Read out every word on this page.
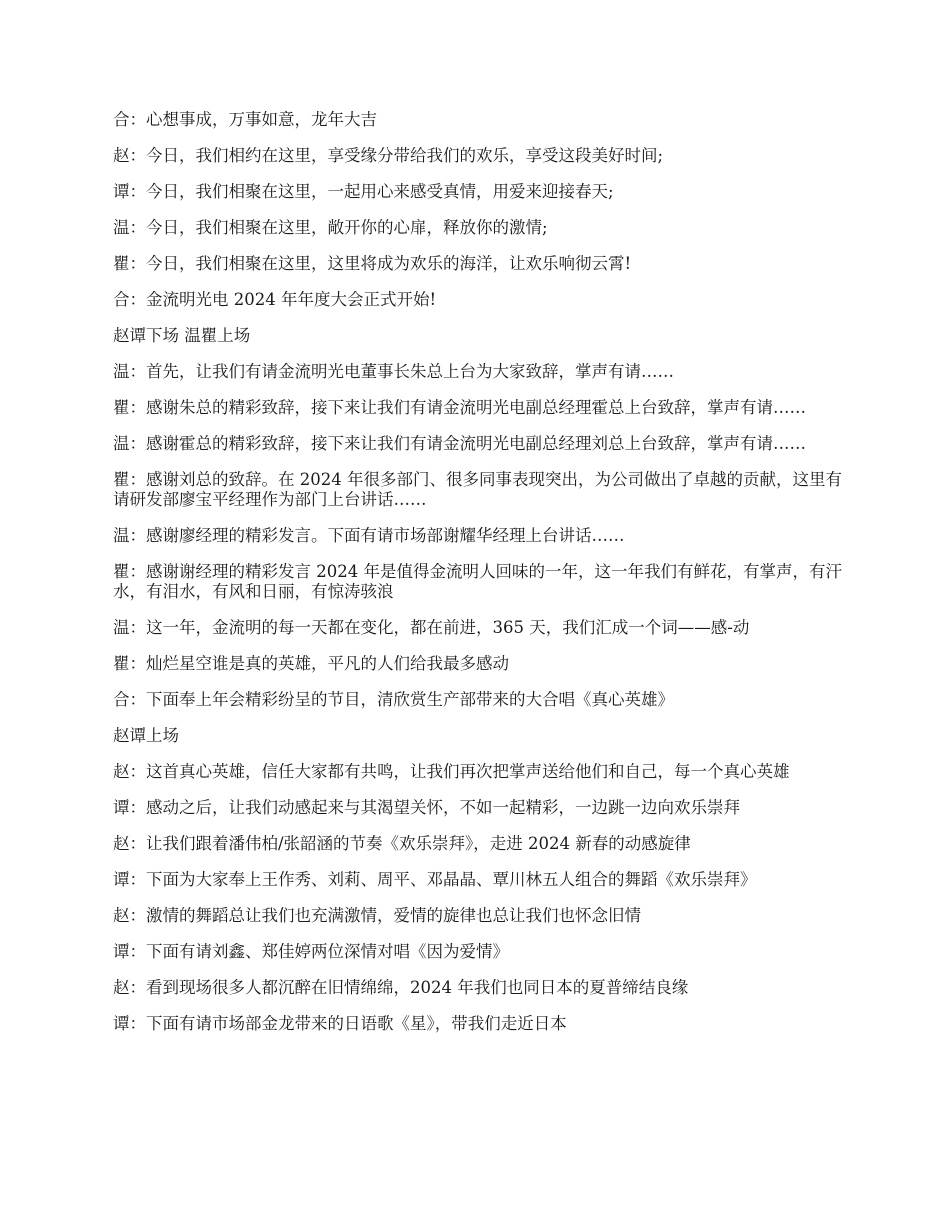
合：心想事成，万事如意，龙年大吉

赵：今日，我们相约在这里，享受缘分带给我们的欢乐，享受这段美好时间;

谭：今日，我们相聚在这里，一起用心来感受真情，用爱来迎接春天;

温：今日，我们相聚在这里，敞开你的心扉，释放你的激情;

瞿：今日，我们相聚在这里，这里将成为欢乐的海洋，让欢乐响彻云霄!

合：金流明光电 2024 年年度大会正式开始!

赵谭下场 温瞿上场

温：首先，让我们有请金流明光电董事长朱总上台为大家致辞，掌声有请……

瞿：感谢朱总的精彩致辞，接下来让我们有请金流明光电副总经理霍总上台致辞，掌声有请……

温：感谢霍总的精彩致辞，接下来让我们有请金流明光电副总经理刘总上台致辞，掌声有请……

瞿：感谢刘总的致辞。在 2024 年很多部门、很多同事表现突出，为公司做出了卓越的贡献，这里有请研发部廖宝平经理作为部门上台讲话……

温：感谢廖经理的精彩发言。下面有请市场部谢耀华经理上台讲话……

瞿：感谢谢经理的精彩发言 2024 年是值得金流明人回味的一年，这一年我们有鲜花，有掌声，有汗水，有泪水，有风和日丽，有惊涛骇浪

温：这一年，金流明的每一天都在变化，都在前进，365 天，我们汇成一个词——感-动

瞿：灿烂星空谁是真的英雄，平凡的人们给我最多感动

合：下面奉上年会精彩纷呈的节目，清欣赏生产部带来的大合唱《真心英雄》

赵谭上场

赵：这首真心英雄，信任大家都有共鸣，让我们再次把掌声送给他们和自己，每一个真心英雄

谭：感动之后，让我们动感起来与其渴望关怀，不如一起精彩，一边跳一边向欢乐崇拜

赵：让我们跟着潘伟柏/张韶涵的节奏《欢乐崇拜》，走进 2024 新春的动感旋律

谭：下面为大家奉上王作秀、刘莉、周平、邓晶晶、覃川林五人组合的舞蹈《欢乐崇拜》

赵：激情的舞蹈总让我们也充满激情，爱情的旋律也总让我们也怀念旧情

谭：下面有请刘鑫、郑佳婷两位深情对唱《因为爱情》

赵：看到现场很多人都沉醉在旧情绵绵，2024 年我们也同日本的夏普缔结良缘

谭：下面有请市场部金龙带来的日语歌《星》，带我们走近日本
